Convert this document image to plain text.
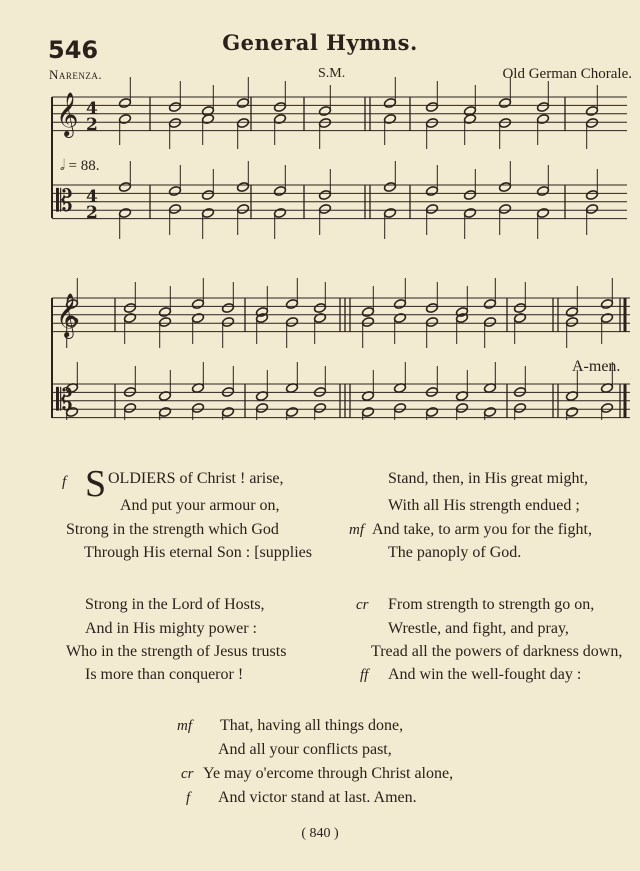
546	General Hymns.
Narenza.	S.M.	Old German Chorale.
𝄞
𝄡
𝄞
𝄡
4
2
4
2
𝅗𝅥 = 88.
A-men.
f S OLDIERS of Christ ! arise,
And put your armour on,
Strong in the strength which God
Through His eternal Son : [supplies
Stand, then, in His great might,
With all His strength endued ;
mf And take, to arm you for the fight,
The panoply of God.
Strong in the Lord of Hosts,
And in His mighty power :
Who in the strength of Jesus trusts
Is more than conqueror !
cr From strength to strength go on,
Wrestle, and fight, and pray,
Tread all the powers of darkness down,
ff And win the well-fought day :
mf That, having all things done,
And all your conflicts past,
cr Ye may o'ercome through Christ alone,
f And victor stand at last. Amen.
( 840 )
